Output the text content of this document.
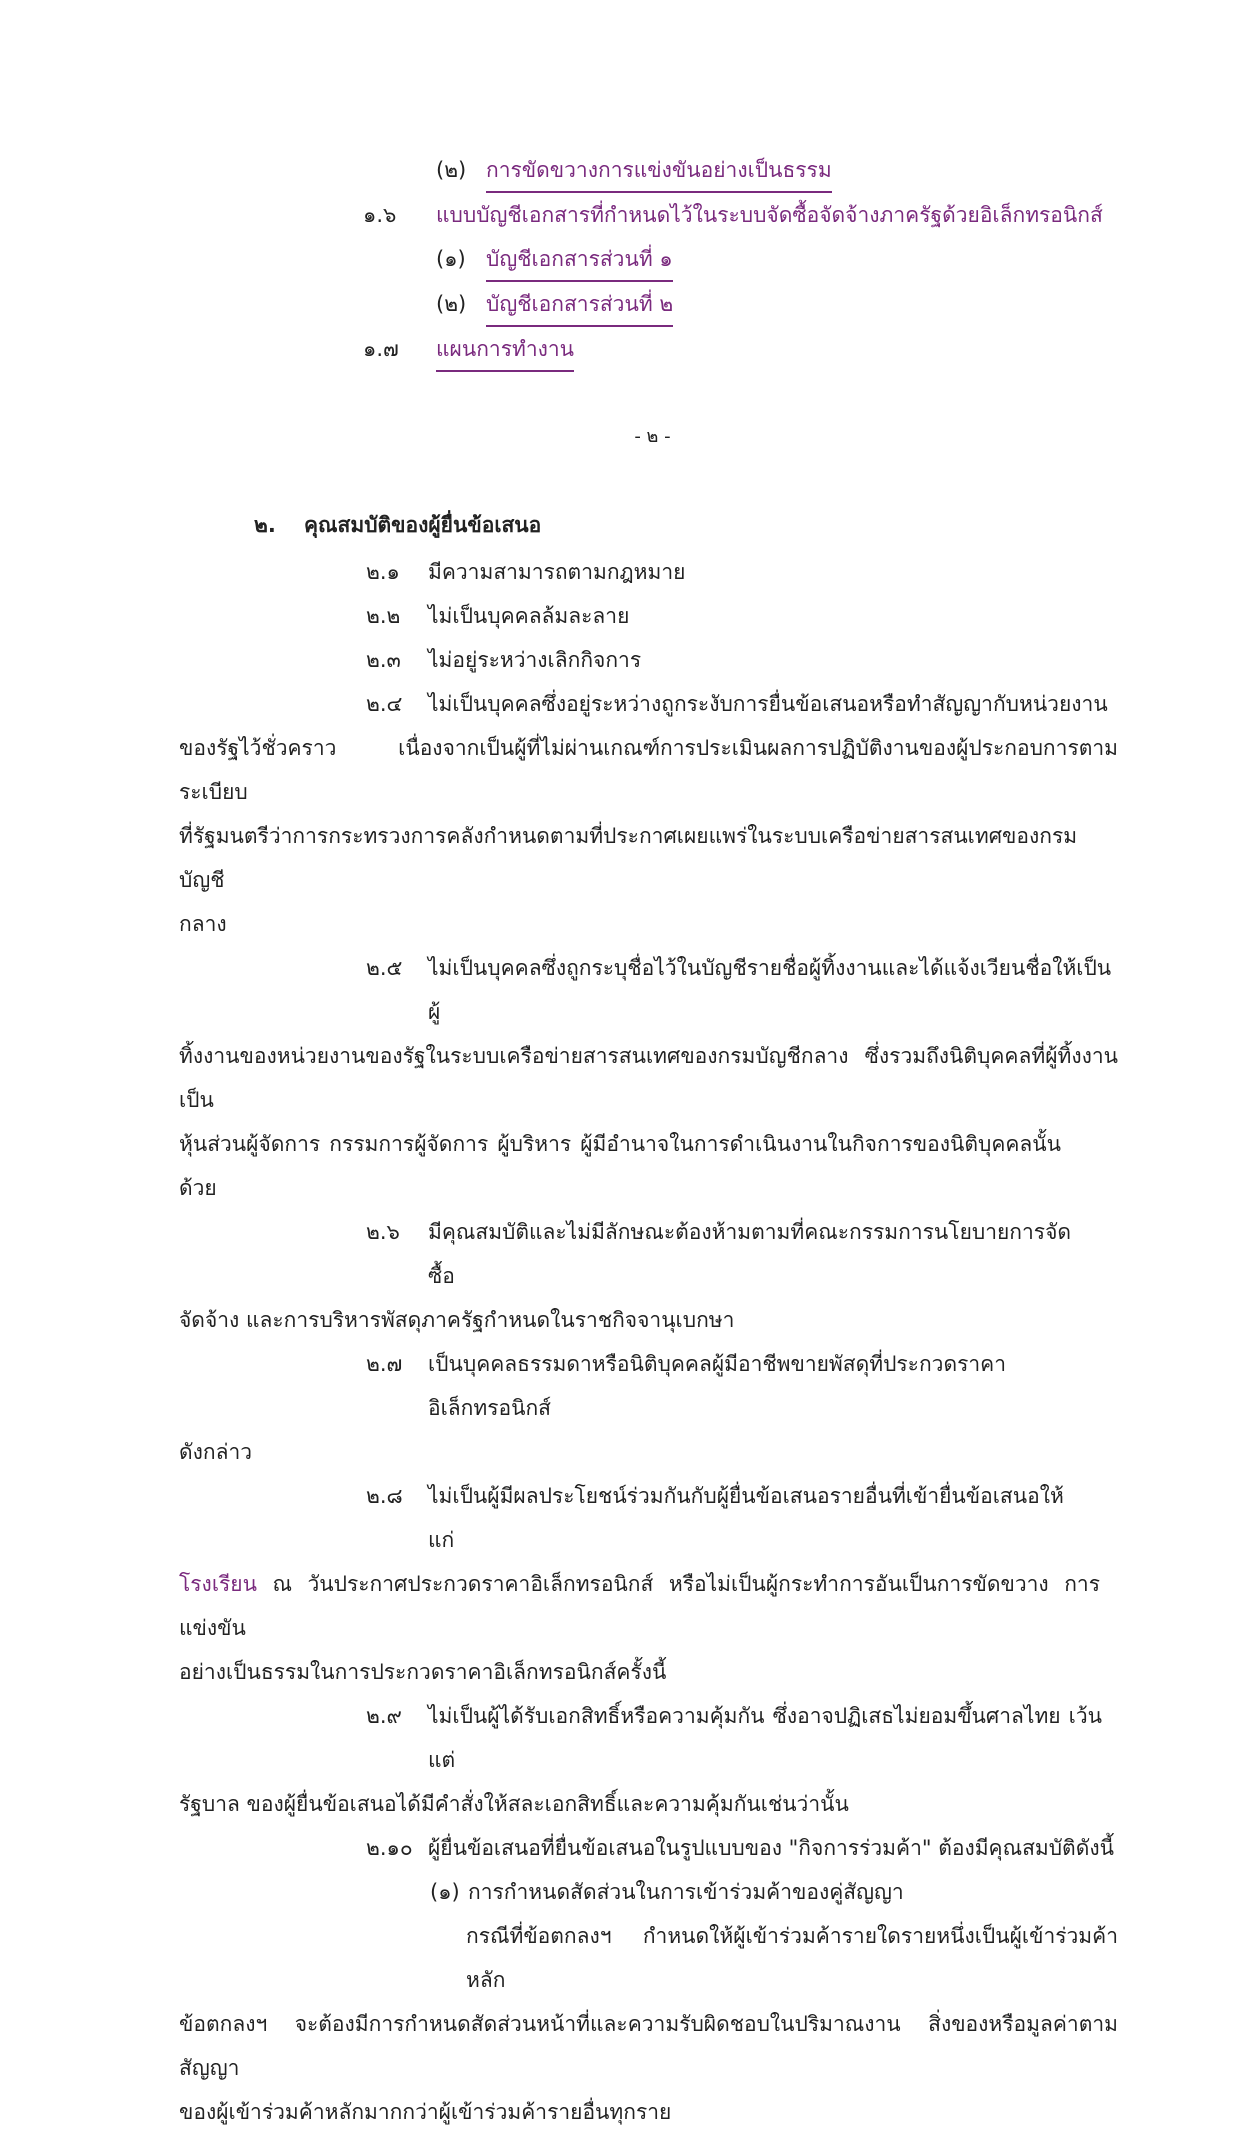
(๒) การขัดขวางการแข่งขันอย่างเป็นธรรม
๑.๖	แบบบัญชีเอกสารที่กำหนดไว้ในระบบจัดซื้อจัดจ้างภาครัฐด้วยอิเล็กทรอนิกส์
(๑) บัญชีเอกสารส่วนที่ ๑
(๒) บัญชีเอกสารส่วนที่ ๒
๑.๗	แผนการทำงาน
- ๒ -
๒.	คุณสมบัติของผู้ยื่นข้อเสนอ
๒.๑	มีความสามารถตามกฎหมาย
๒.๒	ไม่เป็นบุคคลล้มละลาย
๒.๓	ไม่อยู่ระหว่างเลิกกิจการ
๒.๔	ไม่เป็นบุคคลซึ่งอยู่ระหว่างถูกระงับการยื่นข้อเสนอหรือทำสัญญากับหน่วยงาน
ของรัฐไว้ชั่วคราว เนื่องจากเป็นผู้ที่ไม่ผ่านเกณฑ์การประเมินผลการปฏิบัติงานของผู้ประกอบการตามระเบียบ
ที่รัฐมนตรีว่าการกระทรวงการคลังกำหนดตามที่ประกาศเผยแพร่ในระบบเครือข่ายสารสนเทศของกรมบัญชี
กลาง
๒.๕	ไม่เป็นบุคคลซึ่งถูกระบุชื่อไว้ในบัญชีรายชื่อผู้ทิ้งงานและได้แจ้งเวียนชื่อให้เป็นผู้
ทิ้งงานของหน่วยงานของรัฐในระบบเครือข่ายสารสนเทศของกรมบัญชีกลาง ซึ่งรวมถึงนิติบุคคลที่ผู้ทิ้งงานเป็น
หุ้นส่วนผู้จัดการ กรรมการผู้จัดการ ผู้บริหาร ผู้มีอำนาจในการดำเนินงานในกิจการของนิติบุคคลนั้นด้วย
๒.๖	มีคุณสมบัติและไม่มีลักษณะต้องห้ามตามที่คณะกรรมการนโยบายการจัดซื้อ
จัดจ้าง และการบริหารพัสดุภาครัฐกำหนดในราชกิจจานุเบกษา
๒.๗	เป็นบุคคลธรรมดาหรือนิติบุคคลผู้มีอาชีพขายพัสดุที่ประกวดราคาอิเล็กทรอนิกส์
ดังกล่าว
๒.๘	ไม่เป็นผู้มีผลประโยชน์ร่วมกันกับผู้ยื่นข้อเสนอรายอื่นที่เข้ายื่นข้อเสนอให้แก่
โรงเรียน ณ วันประกาศประกวดราคาอิเล็กทรอนิกส์ หรือไม่เป็นผู้กระทำการอันเป็นการขัดขวาง การแข่งขัน
อย่างเป็นธรรมในการประกวดราคาอิเล็กทรอนิกส์ครั้งนี้
๒.๙	ไม่เป็นผู้ได้รับเอกสิทธิ์หรือความคุ้มกัน ซึ่งอาจปฏิเสธไม่ยอมขึ้นศาลไทย เว้นแต่
รัฐบาล ของผู้ยื่นข้อเสนอได้มีคำสั่งให้สละเอกสิทธิ์และความคุ้มกันเช่นว่านั้น
๒.๑๐ ผู้ยื่นข้อเสนอที่ยื่นข้อเสนอในรูปแบบของ "กิจการร่วมค้า" ต้องมีคุณสมบัติดังนี้
(๑) การกำหนดสัดส่วนในการเข้าร่วมค้าของคู่สัญญา
กรณีที่ข้อตกลงฯ กำหนดให้ผู้เข้าร่วมค้ารายใดรายหนึ่งเป็นผู้เข้าร่วมค้าหลัก
ข้อตกลงฯ จะต้องมีการกำหนดสัดส่วนหน้าที่และความรับผิดชอบในปริมาณงาน สิ่งของหรือมูลค่าตามสัญญา
ของผู้เข้าร่วมค้าหลักมากกว่าผู้เข้าร่วมค้ารายอื่นทุกราย
